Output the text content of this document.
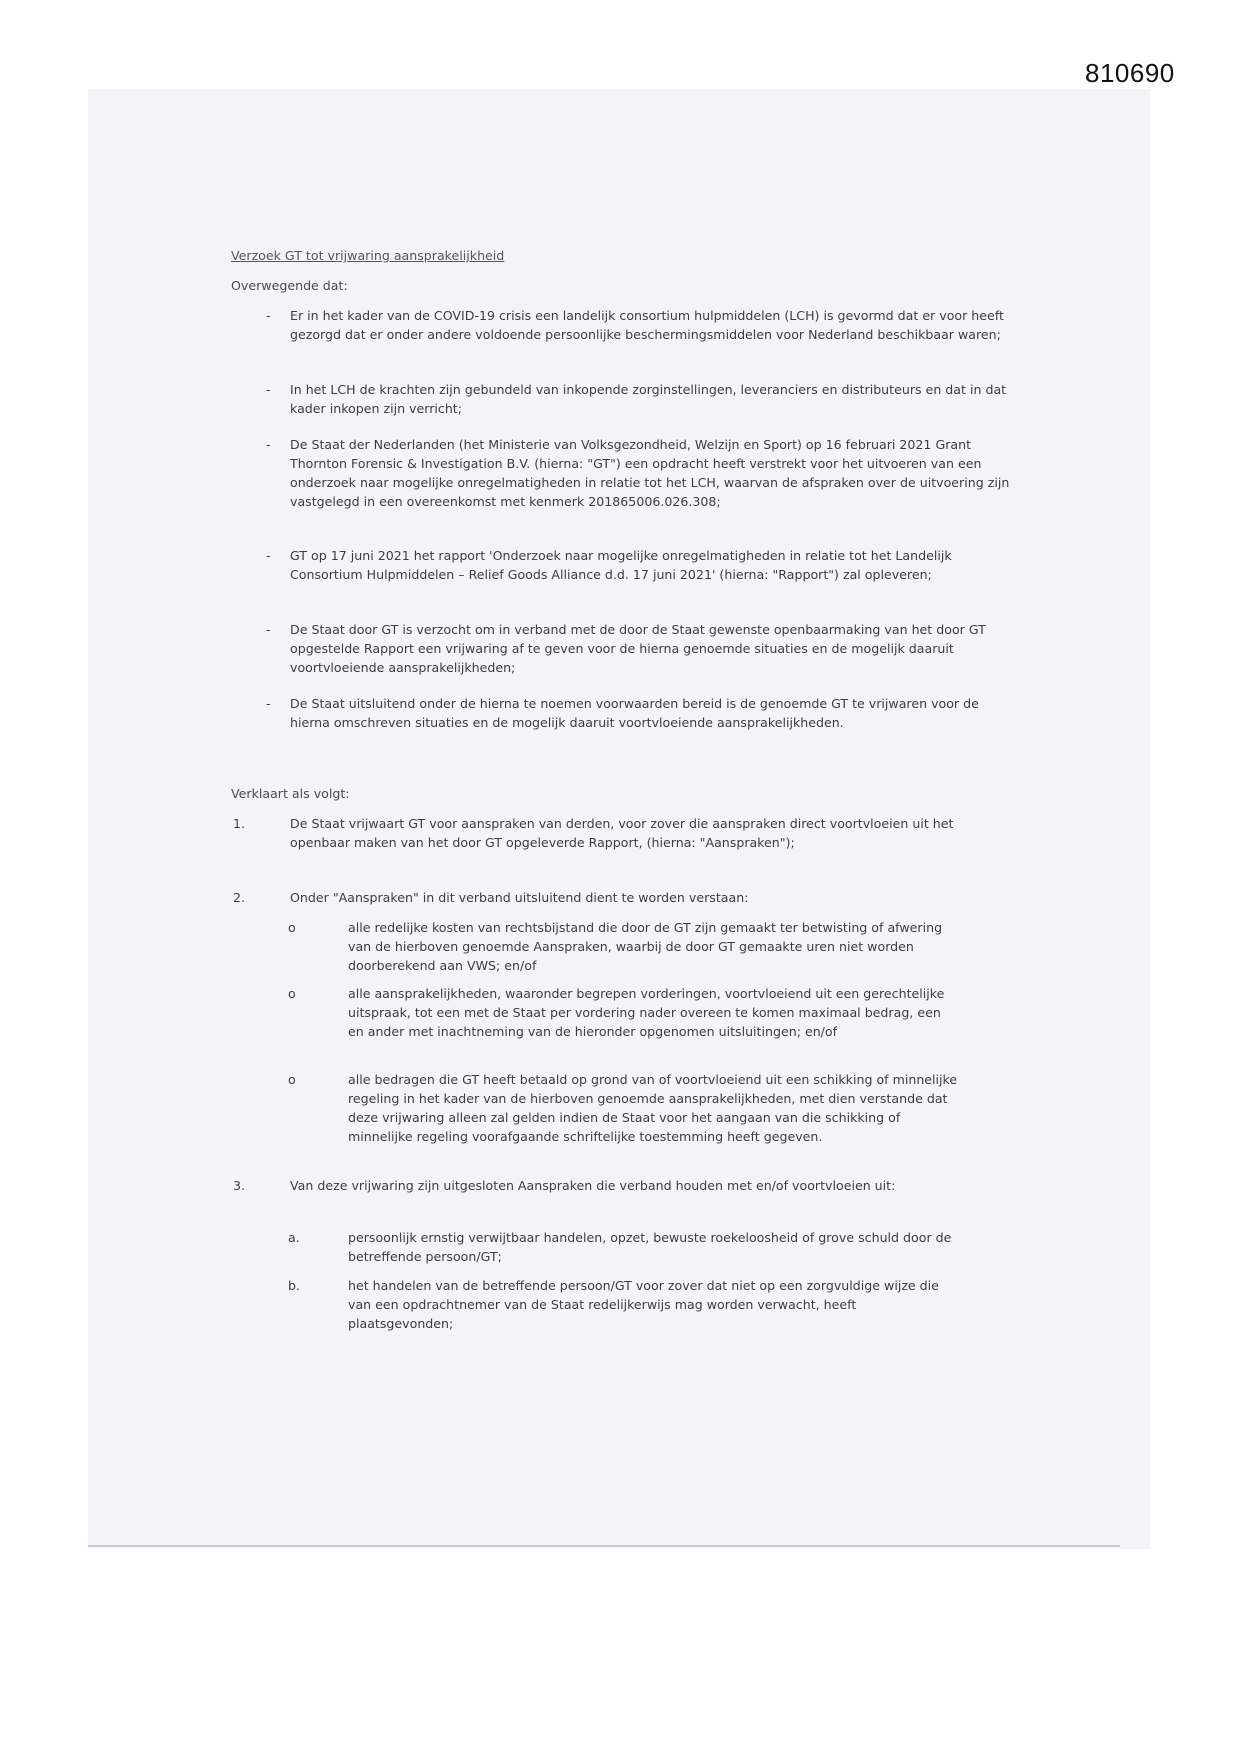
810690
Verzoek GT tot vrijwaring aansprakelijkheid
Overwegende dat:
- Er in het kader van de COVID-19 crisis een landelijk consortium hulpmiddelen (LCH) is gevormd dat er voor heeft gezorgd dat er onder andere voldoende persoonlijke beschermingsmiddelen voor Nederland beschikbaar waren;
- In het LCH de krachten zijn gebundeld van inkopende zorginstellingen, leveranciers en distributeurs en dat in dat kader inkopen zijn verricht;
- De Staat der Nederlanden (het Ministerie van Volksgezondheid, Welzijn en Sport) op 16 februari 2021 Grant Thornton Forensic & Investigation B.V. (hierna: "GT") een opdracht heeft verstrekt voor het uitvoeren van een onderzoek naar mogelijke onregelmatigheden in relatie tot het LCH, waarvan de afspraken over de uitvoering zijn vastgelegd in een overeenkomst met kenmerk 201865006.026.308;
- GT op 17 juni 2021 het rapport 'Onderzoek naar mogelijke onregelmatigheden in relatie tot het Landelijk Consortium Hulpmiddelen – Relief Goods Alliance d.d. 17 juni 2021' (hierna: "Rapport") zal opleveren;
- De Staat door GT is verzocht om in verband met de door de Staat gewenste openbaarmaking van het door GT opgestelde Rapport een vrijwaring af te geven voor de hierna genoemde situaties en de mogelijk daaruit voortvloeiende aansprakelijkheden;
- De Staat uitsluitend onder de hierna te noemen voorwaarden bereid is de genoemde GT te vrijwaren voor de hierna omschreven situaties en de mogelijk daaruit voortvloeiende aansprakelijkheden.
Verklaart als volgt:
1.	De Staat vrijwaart GT voor aanspraken van derden, voor zover die aanspraken direct voortvloeien uit het openbaar maken van het door GT opgeleverde Rapport, (hierna: "Aanspraken");
2.	Onder "Aanspraken" in dit verband uitsluitend dient te worden verstaan:
o	alle redelijke kosten van rechtsbijstand die door de GT zijn gemaakt ter betwisting of afwering van de hierboven genoemde Aanspraken, waarbij de door GT gemaakte uren niet worden doorberekend aan VWS; en/of
o	alle aansprakelijkheden, waaronder begrepen vorderingen, voortvloeiend uit een gerechtelijke uitspraak, tot een met de Staat per vordering nader overeen te komen maximaal bedrag, een en ander met inachtneming van de hieronder opgenomen uitsluitingen; en/of
o	alle bedragen die GT heeft betaald op grond van of voortvloeiend uit een schikking of minnelijke regeling in het kader van de hierboven genoemde aansprakelijkheden, met dien verstande dat deze vrijwaring alleen zal gelden indien de Staat voor het aangaan van die schikking of minnelijke regeling voorafgaande schriftelijke toestemming heeft gegeven.
3.	Van deze vrijwaring zijn uitgesloten Aanspraken die verband houden met en/of voortvloeien uit:
a.	persoonlijk ernstig verwijtbaar handelen, opzet, bewuste roekeloosheid of grove schuld door de betreffende persoon/GT;
b.	het handelen van de betreffende persoon/GT voor zover dat niet op een zorgvuldige wijze die van een opdrachtnemer van de Staat redelijkerwijs mag worden verwacht, heeft plaatsgevonden;
